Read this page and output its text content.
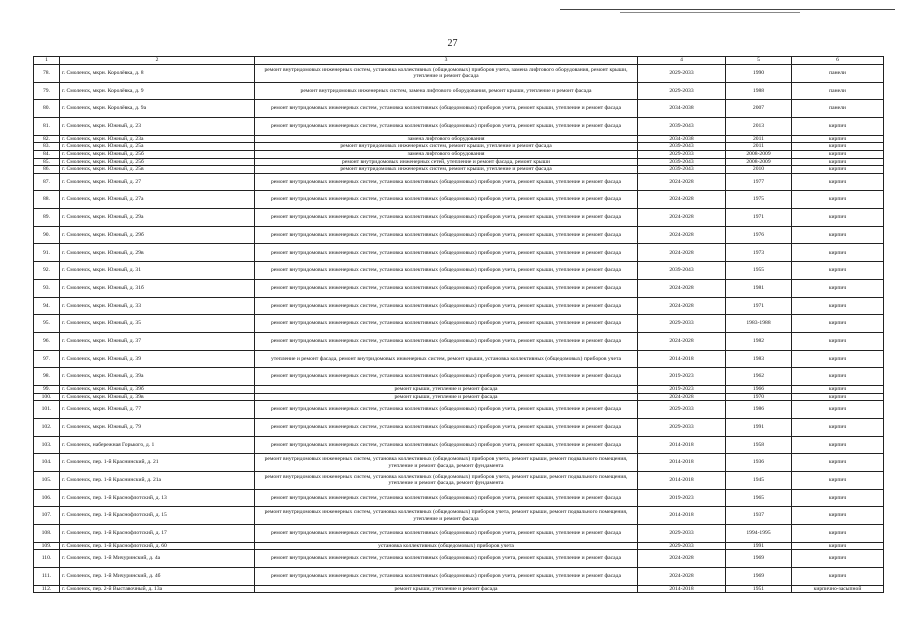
27
1	2	3	4	5	6
78.	г. Смоленск, мкрн. Королёвка, д. 8	ремонт внутридомовых инженерных систем, установка коллективных (общедомовых) приборов учета, замена лифтового оборудования, ремонт крыши, утепление и ремонт фасада	2029-2033	1990	панели
79.	г. Смоленск, мкрн. Королёвка, д. 9	ремонт внутридомовых инженерных систем, замена лифтового оборудования, ремонт крыши, утепление и ремонт фасада	2029-2033	1988	панели
80.	г. Смоленск, мкрн. Королёвка, д. 9а	ремонт внутридомовых инженерных систем, установка коллективных (общедомовых) приборов учета, ремонт крыши, утепление и ремонт фасада	2034-2038	2007	панели
81.	г. Смоленск, мкрн. Южный, д. 23	ремонт внутридомовых инженерных систем, установка коллективных (общедомовых) приборов учета, ремонт крыши, утепление и ремонт фасада	2039-2043	2013	кирпич
82.	г. Смоленск, мкрн. Южный, д. 23а	замена лифтового оборудования	2034-2038	2011	кирпич
83.	г. Смоленск, мкрн. Южный, д. 25а	ремонт внутридомовых инженерных систем, ремонт крыши, утепление и ремонт фасада	2039-2043	2011	кирпич
84.	г. Смоленск, мкрн. Южный, д. 25б	замена лифтового оборудования	2029-2033	2008-2009	кирпич
85.	г. Смоленск, мкрн. Южный, д. 25б	ремонт внутридомовых инженерных сетей, утепление и ремонт фасада, ремонт крыши	2039-2043	2008-2009	кирпич
86.	г. Смоленск, мкрн. Южный, д. 25в	ремонт внутридомовых инженерных систем, ремонт крыши, утепление и ремонт фасада	2039-2043	2010	кирпич
87.	г. Смоленск, мкрн. Южный, д. 27	ремонт внутридомовых инженерных систем, установка коллективных (общедомовых) приборов учета, ремонт крыши, утепление и ремонт фасада	2024-2028	1977	кирпич
88.	г. Смоленск, мкрн. Южный, д. 27а	ремонт внутридомовых инженерных систем, установка коллективных (общедомовых) приборов учета, ремонт крыши, утепление и ремонт фасада	2024-2028	1975	кирпич
89.	г. Смоленск, мкрн. Южный, д. 29а	ремонт внутридомовых инженерных систем, установка коллективных (общедомовых) приборов учета, ремонт крыши, утепление и ремонт фасада	2024-2028	1971	кирпич
90.	г. Смоленск, мкрн. Южный, д. 29б	ремонт внутридомовых инженерных систем, установка коллективных (общедомовых) приборов учета, ремонт крыши, утепление и ремонт фасада	2024-2028	1976	кирпич
91.	г. Смоленск, мкрн. Южный, д. 29в	ремонт внутридомовых инженерных систем, установка коллективных (общедомовых) приборов учета, ремонт крыши, утепление и ремонт фасада	2024-2028	1973	кирпич
92.	г. Смоленск, мкрн. Южный, д. 31	ремонт внутридомовых инженерных систем, установка коллективных (общедомовых) приборов учета, ремонт крыши, утепление и ремонт фасада	2039-2043	1955	кирпич
93.	г. Смоленск, мкрн. Южный, д. 31б	ремонт внутридомовых инженерных систем, установка коллективных (общедомовых) приборов учета, ремонт крыши, утепление и ремонт фасада	2024-2028	1981	кирпич
94.	г. Смоленск, мкрн. Южный, д. 33	ремонт внутридомовых инженерных систем, установка коллективных (общедомовых) приборов учета, ремонт крыши, утепление и ремонт фасада	2024-2028	1971	кирпич
95.	г. Смоленск, мкрн. Южный, д. 35	ремонт внутридомовых инженерных систем, установка коллективных (общедомовых) приборов учета, ремонт крыши, утепление и ремонт фасада	2029-2033	1983-1988	кирпич
96.	г. Смоленск, мкрн. Южный, д. 37	ремонт внутридомовых инженерных систем, установка коллективных (общедомовых) приборов учета, ремонт крыши, утепление и ремонт фасада	2024-2028	1982	кирпич
97.	г. Смоленск, мкрн. Южный, д. 39	утепление и ремонт фасада, ремонт внутридомовых инженерных систем, ремонт крыши, установка коллективных (общедомовых) приборов учета	2014-2018	1983	кирпич
98.	г. Смоленск, мкрн. Южный, д. 39а	ремонт внутридомовых инженерных систем, установка коллективных (общедомовых) приборов учета, ремонт крыши, утепление и ремонт фасада	2019-2023	1962	кирпич
99.	г. Смоленск, мкрн. Южный, д. 39б	ремонт крыши, утепление и ремонт фасада	2019-2023	1966	кирпич
100.	г. Смоленск, мкрн. Южный, д. 39в	ремонт крыши, утепление и ремонт фасада	2024-2028	1970	кирпич
101.	г. Смоленск, мкрн. Южный, д. 77	ремонт внутридомовых инженерных систем, установка коллективных (общедомовых) приборов учета, ремонт крыши, утепление и ремонт фасада	2029-2033	1986	кирпич
102.	г. Смоленск, мкрн. Южный, д. 79	ремонт внутридомовых инженерных систем, установка коллективных (общедомовых) приборов учета, ремонт крыши, утепление и ремонт фасада	2029-2033	1991	кирпич
103.	г. Смоленск, набережная Горького, д. 1	ремонт внутридомовых инженерных систем, установка коллективных (общедомовых) приборов учета, ремонт крыши, утепление и ремонт фасада	2014-2018	1958	кирпич
104.	г. Смоленск, пер. 1-й Краснинский, д. 21	ремонт внутридомовых инженерных систем, установка коллективных (общедомовых) приборов учета, ремонт крыши, ремонт подвального помещения, утепление и ремонт фасада, ремонт фундамента	2014-2018	1936	кирпич
105.	г. Смоленск, пер. 1-й Краснинский, д. 21а	ремонт внутридомовых инженерных систем, установка коллективных (общедомовых) приборов учета, ремонт крыши, ремонт подвального помещения, утепление и ремонт фасада, ремонт фундамента	2014-2018	1945	кирпич
106.	г. Смоленск, пер. 1-й Краснофлотский, д. 13	ремонт внутридомовых инженерных систем, установка коллективных (общедомовых) приборов учета, ремонт крыши, утепление и ремонт фасада	2019-2023	1965	кирпич
107.	г. Смоленск, пер. 1-й Краснофлотский, д. 15	ремонт внутридомовых инженерных систем, установка коллективных (общедомовых) приборов учета, ремонт крыши, ремонт подвального помещения, утепление и ремонт фасада	2014-2018	1937	кирпич
108.	г. Смоленск, пер. 1-й Краснофлотский, д. 17	ремонт внутридомовых инженерных систем, установка коллективных (общедомовых) приборов учета, ремонт крыши, утепление и ремонт фасада	2029-2033	1994-1995	кирпич
109.	г. Смоленск, пер. 1-й Краснофлотский, д. 60	установка коллективных (общедомовых) приборов учета	2029-2033	1991	кирпич
110.	г. Смоленск, пер. 1-й Мичуринский, д. 4а	ремонт внутридомовых инженерных систем, установка коллективных (общедомовых) приборов учета, ремонт крыши, утепление и ремонт фасада	2024-2028	1969	кирпич
111.	г. Смоленск, пер. 1-й Мичуринский, д. 4б	ремонт внутридомовых инженерных систем, установка коллективных (общедомовых) приборов учета, ремонт крыши, утепление и ремонт фасада	2024-2028	1969	кирпич
112.	г. Смоленск, пер. 2-й Выставочный, д. 13а	ремонт крыши, утепление и ремонт фасада	2014-2018	1951	кирпично-засыпной
